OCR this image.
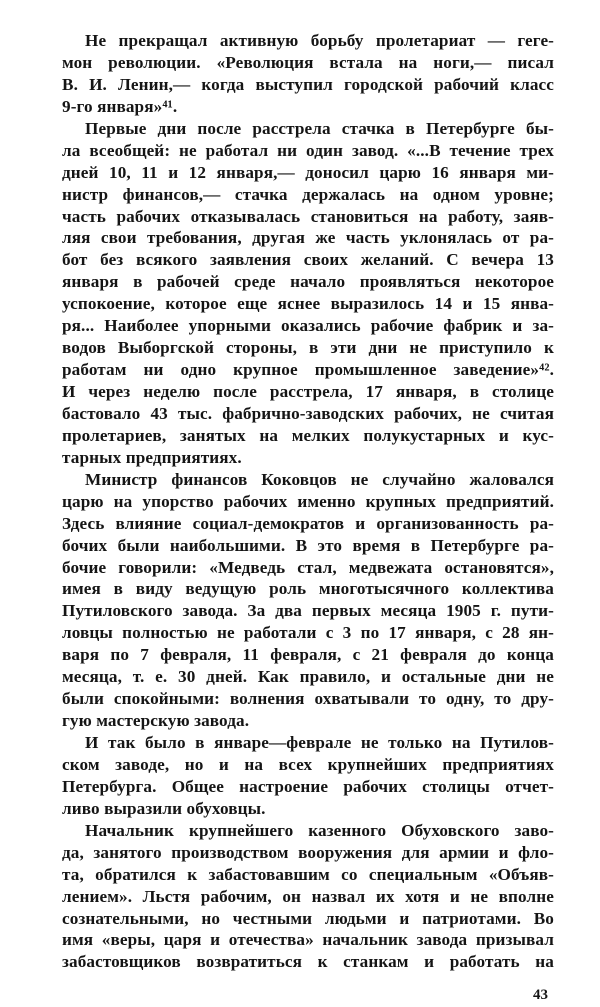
Не прекращал активную борьбу пролетариат — геге-
мон революции. «Революция встала на ноги,— писал
В. И. Ленин,— когда выступил городской рабочий класс
9-го января»⁴¹.
Первые дни после расстрела стачка в Петербурге бы-
ла всеобщей: не работал ни один завод. «...В течение трех
дней 10, 11 и 12 января,— доносил царю 16 января ми-
нистр финансов,— стачка держалась на одном уровне;
часть рабочих отказывалась становиться на работу, заяв-
ляя свои требования, другая же часть уклонялась от ра-
бот без всякого заявления своих желаний. С вечера 13
января в рабочей среде начало проявляться некоторое
успокоение, которое еще яснее выразилось 14 и 15 янва-
ря... Наиболее упорными оказались рабочие фабрик и за-
водов Выборгской стороны, в эти дни не приступило к
работам ни одно крупное промышленное заведение»⁴².
И через неделю после расстрела, 17 января, в столице
бастовало 43 тыс. фабрично-заводских рабочих, не считая
пролетариев, занятых на мелких полукустарных и кус-
тарных предприятиях.
Министр финансов Коковцов не случайно жаловался
царю на упорство рабочих именно крупных предприятий.
Здесь влияние социал-демократов и организованность ра-
бочих были наибольшими. В это время в Петербурге ра-
бочие говорили: «Медведь стал, медвежата остановятся»,
имея в виду ведущую роль многотысячного коллектива
Путиловского завода. За два первых месяца 1905 г. пути-
ловцы полностью не работали с 3 по 17 января, с 28 ян-
варя по 7 февраля, 11 февраля, с 21 февраля до конца
месяца, т. е. 30 дней. Как правило, и остальные дни не
были спокойными: волнения охватывали то одну, то дру-
гую мастерскую завода.
И так было в январе—феврале не только на Путилов-
ском заводе, но и на всех крупнейших предприятиях
Петербурга. Общее настроение рабочих столицы отчет-
ливо выразили обуховцы.
Начальник крупнейшего казенного Обуховского заво-
да, занятого производством вооружения для армии и фло-
та, обратился к забастовавшим со специальным «Объяв-
лением». Льстя рабочим, он назвал их хотя и не вполне
сознательными, но честными людьми и патриотами. Во
имя «веры, царя и отечества» начальник завода призывал
забастовщиков возвратиться к станкам и работать на
43
